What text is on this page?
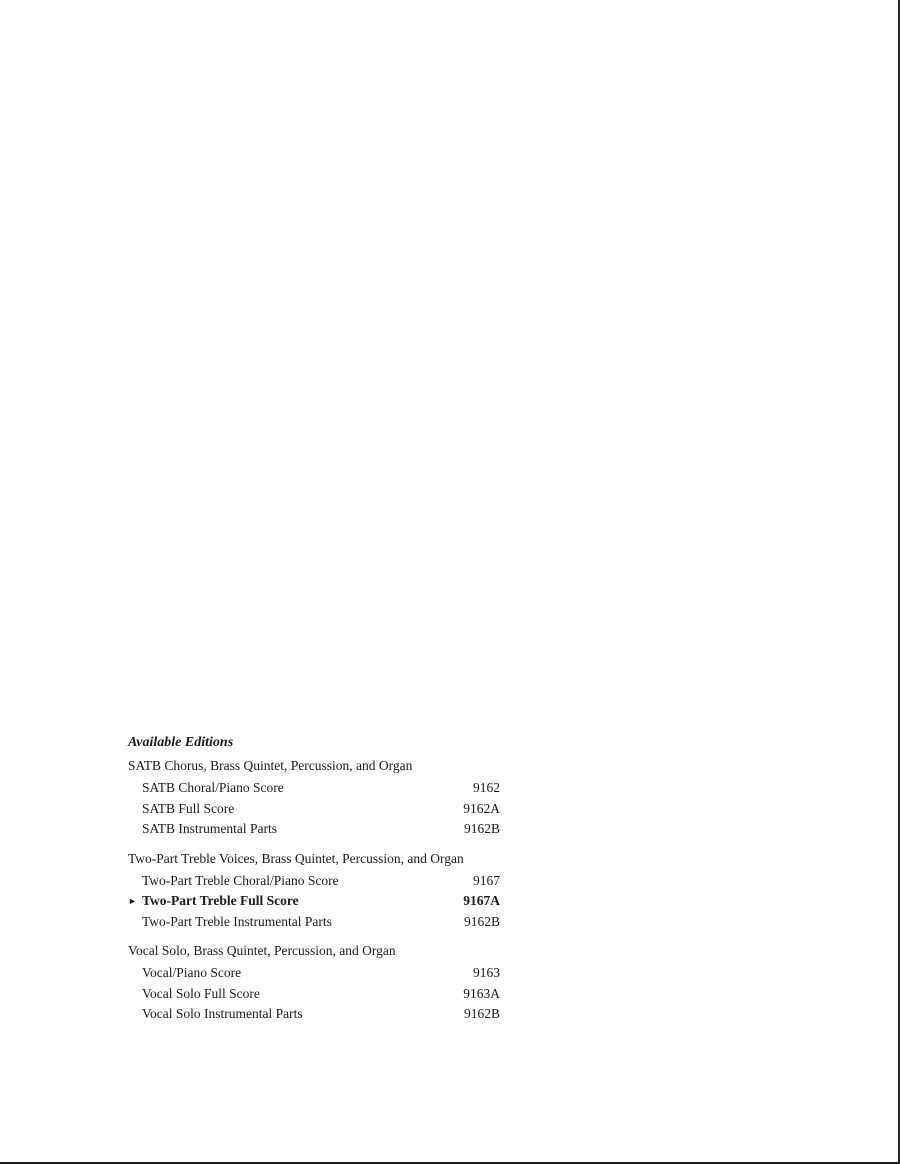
Available Editions
SATB Chorus, Brass Quintet, Percussion, and Organ
SATB Choral/Piano Score	9162
SATB Full Score	9162A
SATB Instrumental Parts	9162B
Two-Part Treble Voices, Brass Quintet, Percussion, and Organ
Two-Part Treble Choral/Piano Score	9167
► Two-Part Treble Full Score	9167A
Two-Part Treble Instrumental Parts	9162B
Vocal Solo, Brass Quintet, Percussion, and Organ
Vocal/Piano Score	9163
Vocal Solo Full Score	9163A
Vocal Solo Instrumental Parts	9162B
